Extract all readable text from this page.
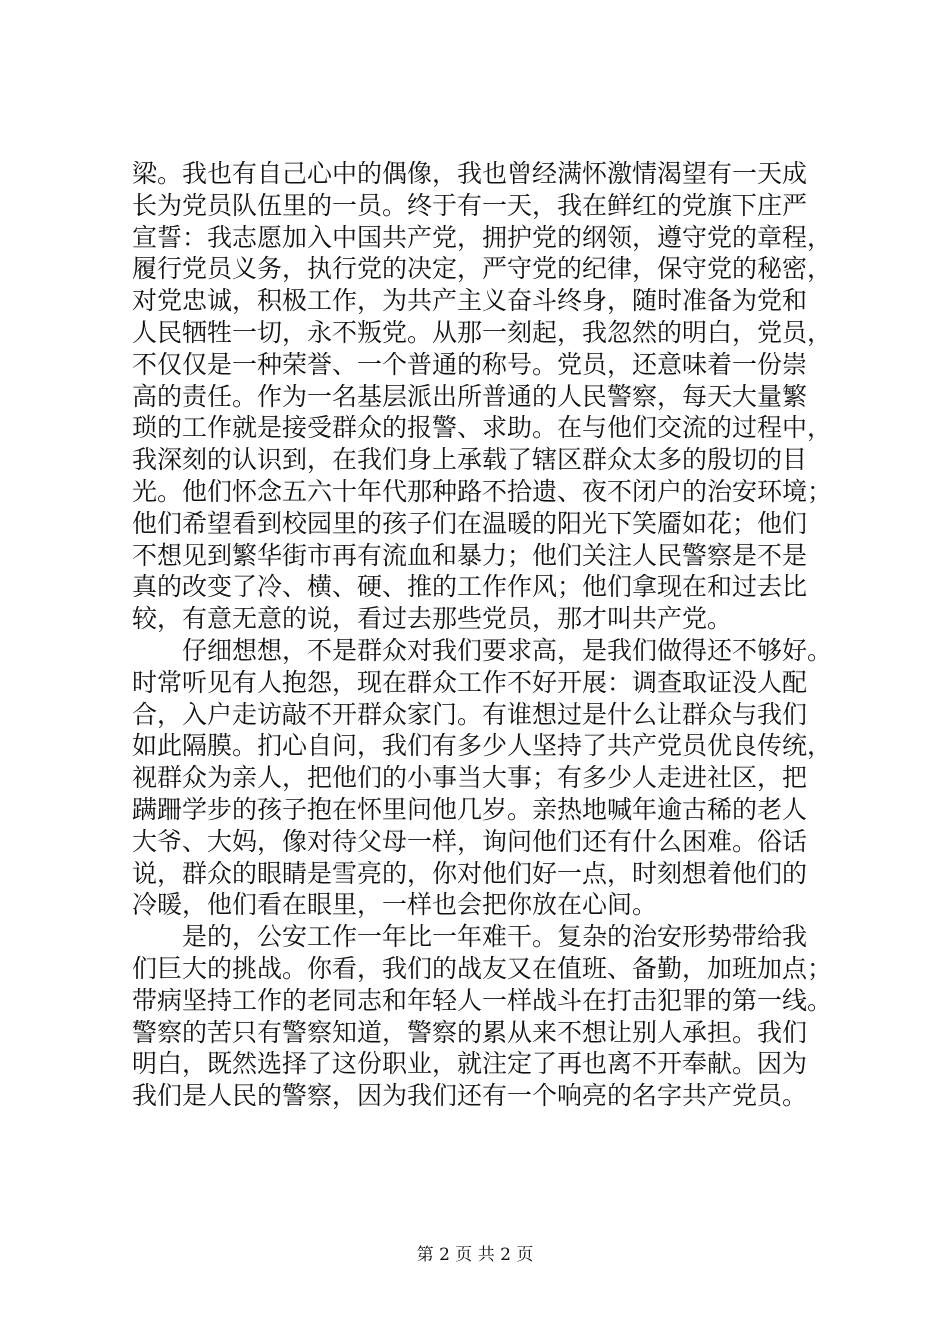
梁。我也有自己心中的偶像，我也曾经满怀激情渴望有一天成
长为党员队伍里的一员。终于有一天，我在鲜红的党旗下庄严
宣誓：我志愿加入中国共产党，拥护党的纲领，遵守党的章程，
履行党员义务，执行党的决定，严守党的纪律，保守党的秘密，
对党忠诚，积极工作，为共产主义奋斗终身，随时准备为党和
人民牺牲一切，永不叛党。从那一刻起，我忽然的明白，党员，
不仅仅是一种荣誉、一个普通的称号。党员，还意味着一份崇
高的责任。作为一名基层派出所普通的人民警察，每天大量繁
琐的工作就是接受群众的报警、求助。在与他们交流的过程中，
我深刻的认识到，在我们身上承载了辖区群众太多的殷切的目
光。他们怀念五六十年代那种路不拾遗、夜不闭户的治安环境；
他们希望看到校园里的孩子们在温暖的阳光下笑靥如花；他们
不想见到繁华街市再有流血和暴力；他们关注人民警察是不是
真的改变了冷、横、硬、推的工作作风；他们拿现在和过去比
较，有意无意的说，看过去那些党员，那才叫共产党。
　　仔细想想，不是群众对我们要求高，是我们做得还不够好。
时常听见有人抱怨，现在群众工作不好开展：调查取证没人配
合，入户走访敲不开群众家门。有谁想过是什么让群众与我们
如此隔膜。扪心自问，我们有多少人坚持了共产党员优良传统，
视群众为亲人，把他们的小事当大事；有多少人走进社区，把
蹒跚学步的孩子抱在怀里问他几岁。亲热地喊年逾古稀的老人
大爷、大妈，像对待父母一样，询问他们还有什么困难。俗话
说，群众的眼睛是雪亮的，你对他们好一点，时刻想着他们的
冷暖，他们看在眼里，一样也会把你放在心间。
　　是的，公安工作一年比一年难干。复杂的治安形势带给我
们巨大的挑战。你看，我们的战友又在值班、备勤，加班加点；
带病坚持工作的老同志和年轻人一样战斗在打击犯罪的第一线。
警察的苦只有警察知道，警察的累从来不想让别人承担。我们
明白，既然选择了这份职业，就注定了再也离不开奉献。因为
我们是人民的警察，因为我们还有一个响亮的名字共产党员。
第 2 页 共 2 页
